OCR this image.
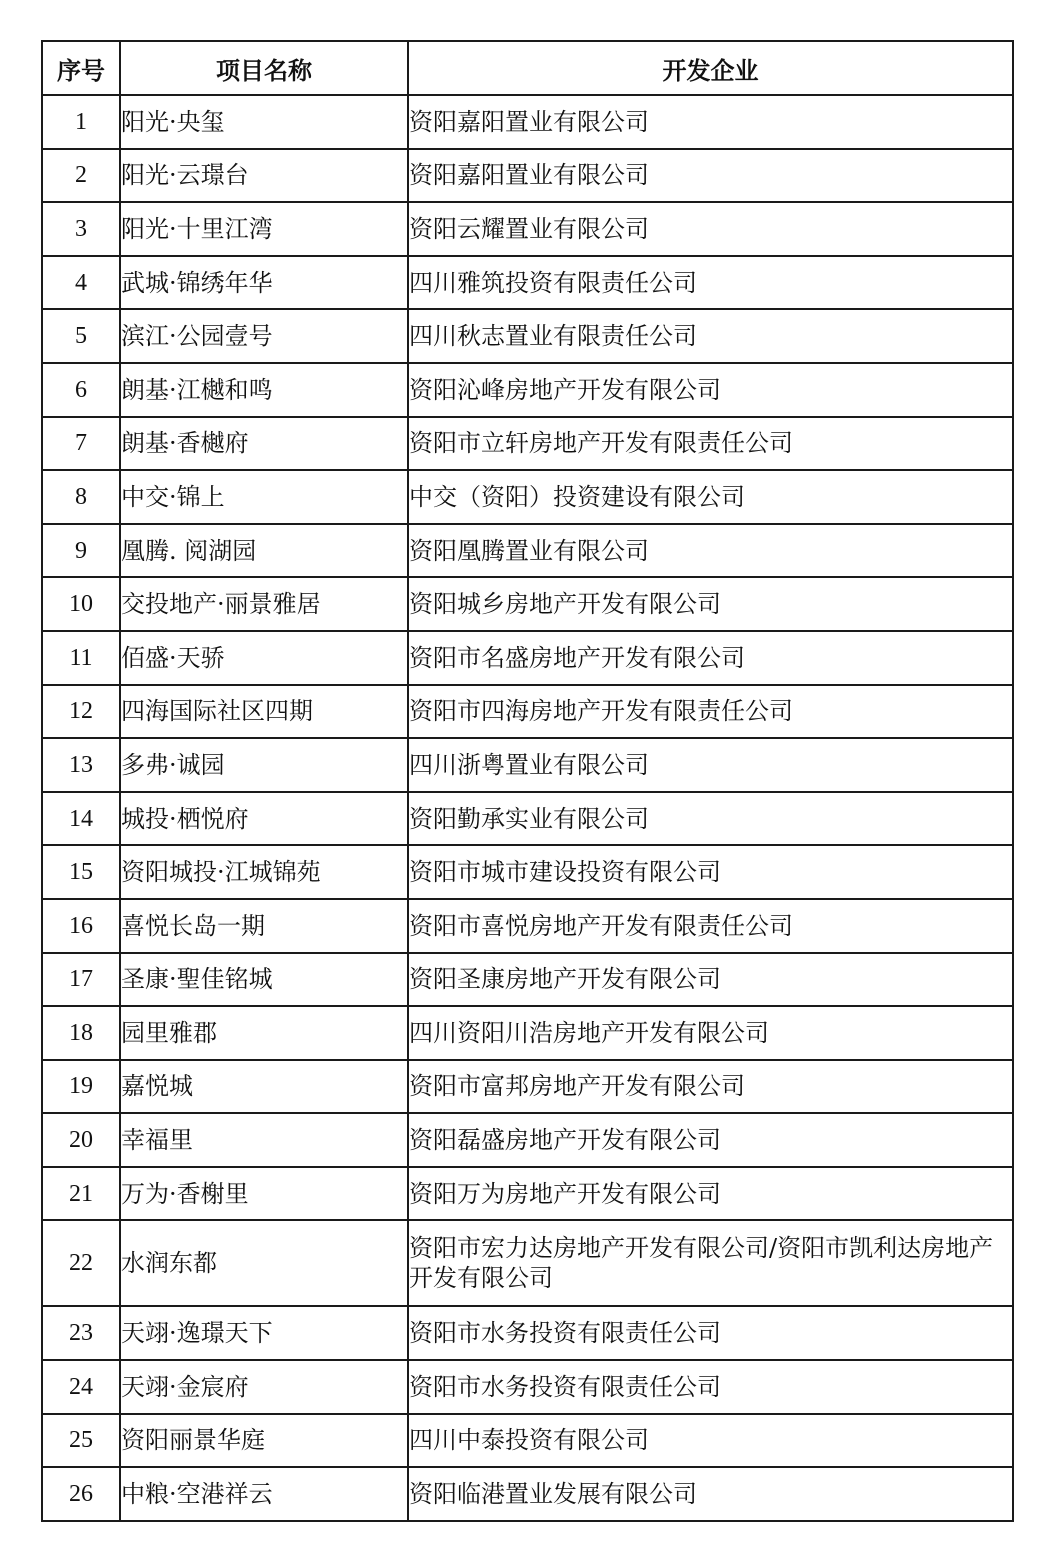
序号	项目名称	开发企业
1	阳光·央玺	资阳嘉阳置业有限公司
2	阳光·云璟台	资阳嘉阳置业有限公司
3	阳光·十里江湾	资阳云耀置业有限公司
4	武城·锦绣年华	四川雅筑投资有限责任公司
5	滨江·公园壹号	四川秋志置业有限责任公司
6	朗基·江樾和鸣	资阳沁峰房地产开发有限公司
7	朗基·香樾府	资阳市立轩房地产开发有限责任公司
8	中交·锦上	中交（资阳）投资建设有限公司
9	凰腾. 阅湖园	资阳凰腾置业有限公司
10	交投地产·丽景雅居	资阳城乡房地产开发有限公司
11	佰盛·天骄	资阳市名盛房地产开发有限公司
12	四海国际社区四期	资阳市四海房地产开发有限责任公司
13	多弗·诚园	四川浙粤置业有限公司
14	城投·栖悦府	资阳勤承实业有限公司
15	资阳城投·江城锦苑	资阳市城市建设投资有限公司
16	喜悦长岛一期	资阳市喜悦房地产开发有限责任公司
17	圣康·聖佳铭城	资阳圣康房地产开发有限公司
18	园里雅郡	四川资阳川浩房地产开发有限公司
19	嘉悦城	资阳市富邦房地产开发有限公司
20	幸福里	资阳磊盛房地产开发有限公司
21	万为·香榭里	资阳万为房地产开发有限公司
22	水润东都	资阳市宏力达房地产开发有限公司/资阳市凯利达房地产开发有限公司
23	天翊·逸璟天下	资阳市水务投资有限责任公司
24	天翊·金宸府	资阳市水务投资有限责任公司
25	资阳丽景华庭	四川中泰投资有限公司
26	中粮·空港祥云	资阳临港置业发展有限公司
